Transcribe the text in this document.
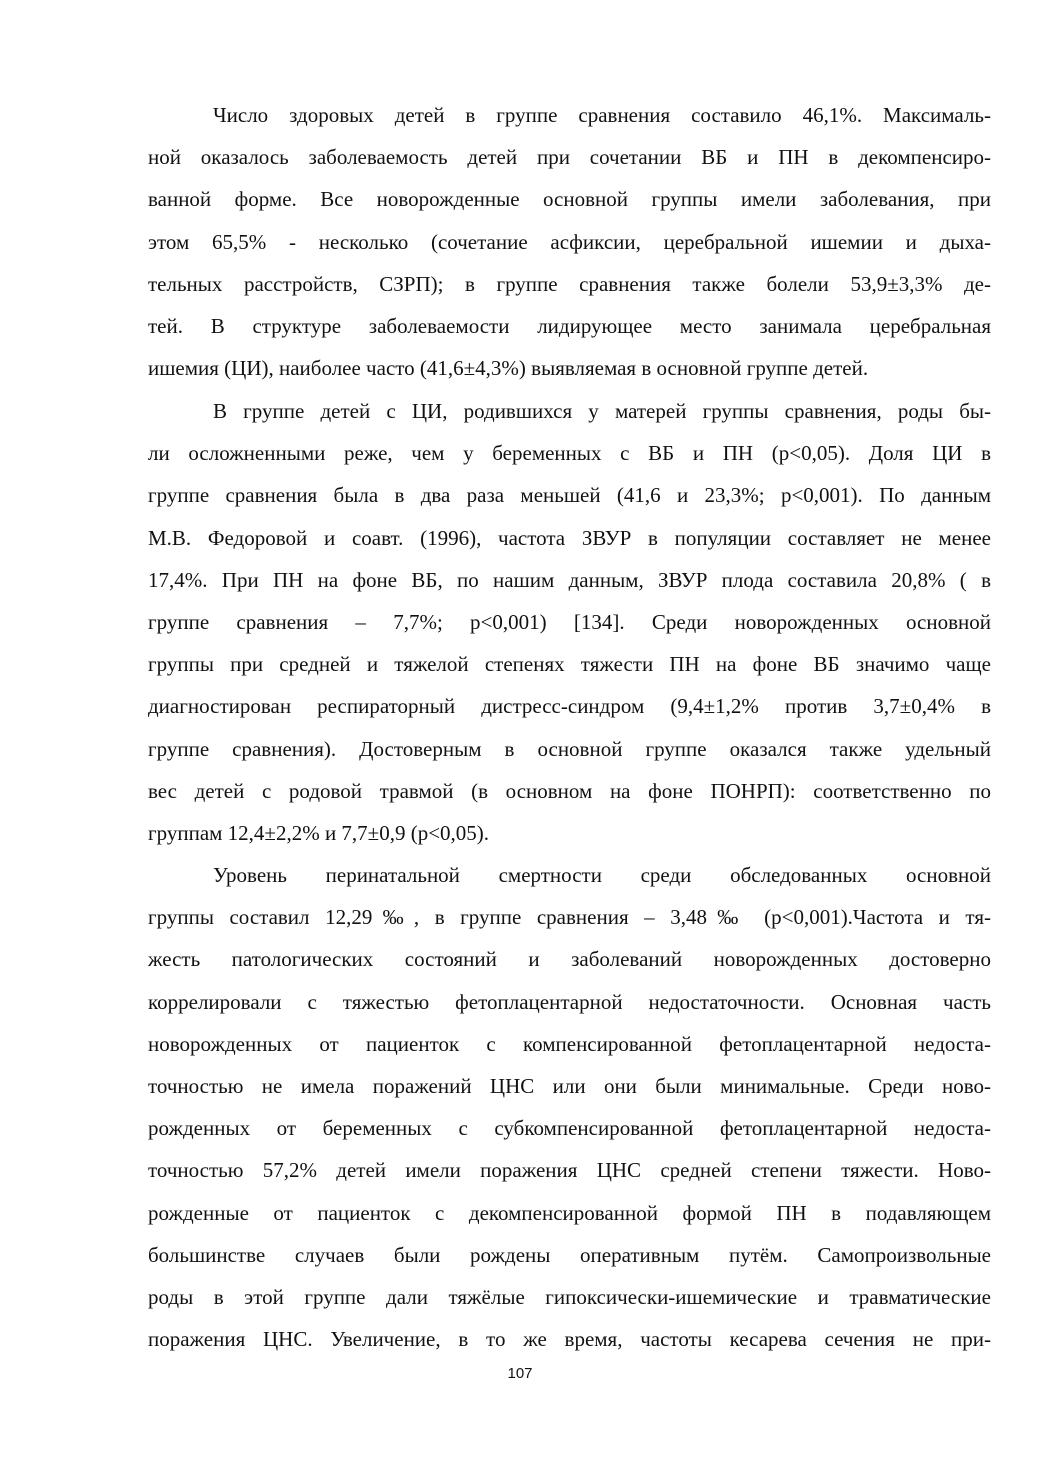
Число здоровых детей в группе сравнения составило 46,1%. Максималь-
ной оказалось заболеваемость детей при сочетании ВБ и ПН в декомпенсиро-
ванной форме. Все новорожденные основной группы имели заболевания, при
этом 65,5% - несколько (сочетание асфиксии, церебральной ишемии и дыха-
тельных расстройств, СЗРП); в группе сравнения также болели 53,9±3,3% де-
тей. В структуре заболеваемости лидирующее место занимала церебральная
ишемия (ЦИ), наиболее часто (41,6±4,3%) выявляемая в основной группе детей.

В группе детей с ЦИ, родившихся у матерей группы сравнения, роды бы-
ли осложненными реже, чем у беременных с ВБ и ПН (p<0,05). Доля ЦИ в
группе сравнения была в два раза меньшей (41,6 и 23,3%; p<0,001). По данным
М.В. Федоровой и соавт. (1996), частота ЗВУР в популяции составляет не менее
17,4%. При ПН на фоне ВБ, по нашим данным, ЗВУР плода составила 20,8% ( в
группе сравнения – 7,7%; p<0,001) [134]. Среди новорожденных основной
группы при средней и тяжелой степенях тяжести ПН на фоне ВБ значимо чаще
диагностирован респираторный дистресс-синдром (9,4±1,2% против 3,7±0,4% в
группе сравнения). Достоверным в основной группе оказался также удельный
вес детей с родовой травмой (в основном на фоне ПОНРП): соответственно по
группам 12,4±2,2% и 7,7±0,9 (p<0,05).

Уровень перинатальной смертности среди обследованных основной
группы составил 12,29‰, в группе сравнения – 3,48‰ (p<0,001).Частота и тя-
жесть патологических состояний и заболеваний новорожденных достоверно
коррелировали с тяжестью фетоплацентарной недостаточности. Основная часть
новорожденных от пациенток с компенсированной фетоплацентарной недоста-
точностью не имела поражений ЦНС или они были минимальные. Среди ново-
рожденных от беременных с субкомпенсированной фетоплацентарной недоста-
точностью 57,2% детей имели поражения ЦНС средней степени тяжести. Ново-
рожденные от пациенток с декомпенсированной формой ПН в подавляющем
большинстве случаев были рождены оперативным путём. Самопроизвольные
роды в этой группе дали тяжёлые гипоксически-ишемические и травматические
поражения ЦНС. Увеличение, в то же время, частоты кесарева сечения не при-

107
